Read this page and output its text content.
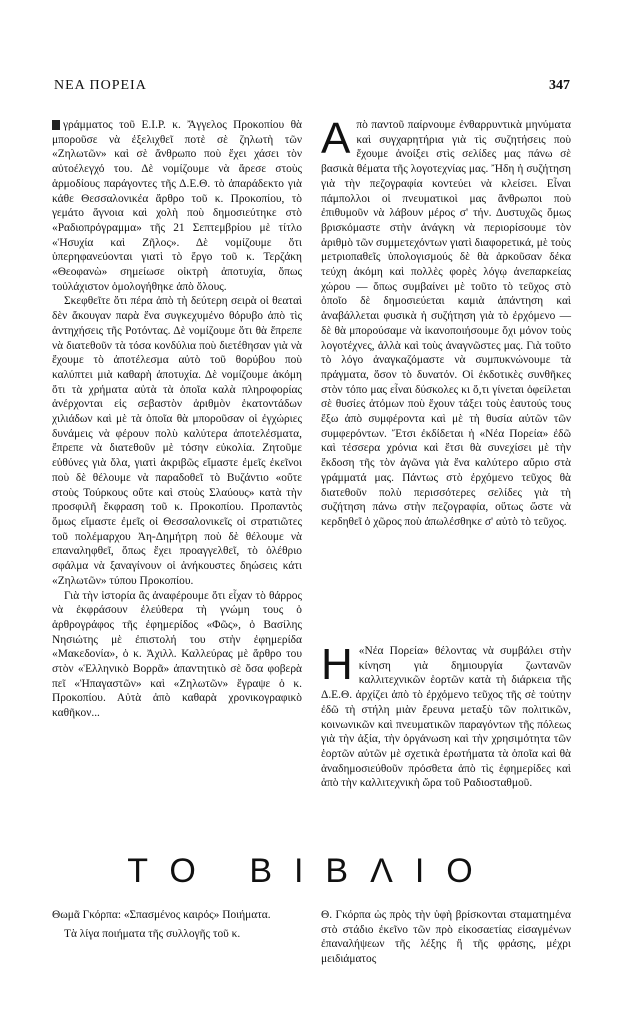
ΝΕΑ ΠΟΡΕΙΑ	347

γράμματος τοῦ Ε.Ι.Ρ. κ. Ἄγγελος Προκοπίου θὰ μποροῦσε νὰ ἐξελιχθεῖ ποτὲ σὲ ζηλωτὴ τῶν «Ζηλωτῶν» καὶ σὲ ἄνθρωπο ποὺ ἔχει χάσει τὸν αὐτοέλεγχό του. Δὲ νομίζουμε νὰ ἄρεσε στοὺς ἁρμοδίους παράγοντες τῆς Δ.Ε.Θ. τὸ ἀπαράδεκτο γιὰ κάθε Θεσσαλονικέα ἄρθρο τοῦ κ. Προκοπίου, τὸ γεμάτο ἄγνοια καὶ χολὴ ποὺ δημοσιεύτηκε στὸ «Ραδιοπρόγραμμα» τῆς 21 Σεπτεμβρίου μὲ τίτλο «Ἡσυχία καὶ Ζῆλος». Δὲ νομίζουμε ὅτι ὑπερηφανεύονται γιατὶ τὸ ἔργο τοῦ κ. Τερζάκη «Θεοφανὼ» σημείωσε οἰκτρὴ ἀποτυχία, ὅπως τοὐλάχιστον ὁμολογήθηκε ἀπὸ ὅλους.

Σκεφθεῖτε ὅτι πέρα ἀπὸ τὴ δεύτερη σειρὰ οἱ θεαταὶ δὲν ἄκουγαν παρὰ ἕνα συγκεχυμένο θόρυβο ἀπὸ τὶς ἀντηχήσεις τῆς Ροτόντας. Δὲ νομίζουμε ὅτι θὰ ἔπρεπε νὰ διατεθοῦν τὰ τόσα κονδύλια ποὺ διετέθησαν γιὰ νὰ ἔχουμε τὸ ἀποτέλεσμα αὐτὸ τοῦ θορύβου ποὺ καλύπτει μιὰ καθαρὴ ἀποτυχία. Δὲ νομίζουμε ἀκόμη ὅτι τὰ χρήματα αὐτὰ τὰ ὁποῖα καλὰ πληροφορίας ἀνέρχονται εἰς σεβαστὸν ἀριθμὸν ἑκατοντάδων χιλιάδων καὶ μὲ τὰ ὁποῖα θὰ μποροῦσαν οἱ ἐγχώριες δυνάμεις νὰ φέρουν πολὺ καλύτερα ἀποτελέσματα, ἔπρεπε νὰ διατεθοῦν μὲ τόσην εὐκολία. Ζητοῦμε εὐθύνες γιὰ ὅλα, γιατὶ ἀκριβῶς εἴμαστε ἐμεῖς ἐκεῖνοι ποὺ δὲ θέλουμε νὰ παραδοθεῖ τὸ Βυζάντιο «οὔτε στοὺς Τούρκους οὔτε καὶ στοὺς Σλαύους» κατὰ τὴν προσφιλῆ ἔκφραση τοῦ κ. Προκοπίου. Προπαντὸς ὅμως εἴμαστε ἐμεῖς οἱ Θεσσαλονικεῖς οἱ στρατιῶτες τοῦ πολέμαρχου Ἀη-Δημήτρη ποὺ δὲ θέλουμε νὰ επαναληφθεῖ, ὅπως ἔχει προαγγελθεῖ, τὸ ὀλέθριο σφάλμα νὰ ξαναγίνουν οἱ ἀνήκουστες δηώσεις κάτι «Ζηλωτῶν» τύπου Προκοπίου.

Γιὰ τὴν ἱστορία ἂς ἀναφέρουμε ὅτι εἶχαν τὸ θάρρος νὰ ἐκφράσουν ἐλεύθερα τὴ γνώμη τους ὁ ἀρθρογράφος τῆς ἐφημερίδος «Φῶς», ὁ Βασίλης Νησιώτης μὲ ἐπιστολή του στὴν ἐφημερίδα «Μακεδονία», ὁ κ. Ἀχιλλ. Καλλεύρας μὲ ἄρθρο του στὸν «Ἑλληνικὸ Βορρᾶ» ἀπαντητικὸ σὲ ὅσα φοβερὰ πεῖ «Ἡπαγαστῶν» καὶ «Ζηλωτῶν» ἔγραψε ὁ κ. Προκοπίου. Αὐτὰ ἀπὸ καθαρὰ χρονικογραφικὸ καθῆκον...

Απὸ παντοῦ παίρνουμε ἐνθαρρυντικὰ μηνύματα καὶ συγχαρητήρια γιὰ τὶς συζητήσεις ποὺ ἔχουμε ἀνοίξει στὶς σελίδες μας πάνω σὲ βασικὰ θέματα τῆς λογοτεχνίας μας. Ἤδη ἡ συζήτηση γιὰ τὴν πεζογραφία κοντεύει νὰ κλείσει. Εἶναι πάμπολλοι οἱ πνευματικοὶ μας ἄνθρωποι ποὺ ἐπιθυμοῦν νὰ λάβουν μέρος σ' τήν. Δυστυχῶς ὅμως βρισκόμαστε στὴν ἀνάγκη νὰ περιορίσουμε τὸν ἀριθμὸ τῶν συμμετεχόντων γιατὶ διαφορετικά, μὲ τοὺς μετριοπαθεῖς ὑπολογισμούς δὲ θὰ ἀρκοῦσαν δέκα τεύχη ἀκόμη καὶ πολλὲς φορὲς λόγῳ ἀνεπαρκείας χώρου — ὅπως συμβαίνει μὲ τοῦτο τὸ τεῦχος στὸ ὁποῖο δὲ δημοσιεύεται καμιὰ ἀπάντηση καὶ ἀναβάλλεται φυσικὰ ἡ συζήτηση γιὰ τὸ ἐρχόμενο — δὲ θὰ μπορούσαμε νὰ ἱκανοποιήσουμε ὄχι μόνον τοὺς λογοτέχνες, ἀλλὰ καὶ τοὺς ἀναγνῶστες μας. Γιὰ τοῦτο τὸ λόγο ἀναγκαζόμαστε νὰ συμπυκνώνουμε τὰ πράγματα, ὅσον τὸ δυνατόν. Οἱ ἐκδοτικὲς συνθῆκες στὸν τόπο μας εἶναι δύσκολες κι ὅ,τι γίνεται ὀφείλεται σὲ θυσίες ἀτόμων ποὺ ἔχουν τάξει τοὺς ἑαυτούς τους ἔξω ἀπὸ συμφέροντα καὶ μὲ τὴ θυσία αὐτῶν τῶν συμφερόντων. Ἔτσι ἐκδίδεται ἡ «Νέα Πορεία» ἐδῶ καὶ τέσσερα χρόνια καὶ ἔτσι θὰ συνεχίσει μὲ τὴν ἔκδοση τῆς τὸν ἀγῶνα γιὰ ἕνα καλύτερο αὔριο στὰ γράμματά μας. Πάντως στὸ ἐρχόμενο τεῦχος θὰ διατεθοῦν πολὺ περισσότερες σελίδες γιὰ τὴ συζήτηση πάνω στὴν πεζογραφία, οὕτως ὥστε νὰ κερδηθεῖ ὁ χῶρος ποὺ ἀπωλέσθηκε σ' αὐτὸ τὸ τεῦχος.

Η «Νέα Πορεία» θέλοντας νὰ συμβάλει στὴν κίνηση γιὰ δημιουργία ζωντανῶν καλλιτεχνικῶν ἑορτῶν κατὰ τὴ διάρκεια τῆς Δ.Ε.Θ. ἀρχίζει ἀπὸ τὸ ἐρχόμενο τεῦχος τῆς σὲ τούτην ἐδῶ τὴ στήλη μιὰν ἔρευνα μεταξὺ τῶν πολιτικῶν, κοινωνικῶν καὶ πνευματικῶν παραγόντων τῆς πόλεως γιὰ τὴν ἀξία, τὴν ὀργάνωση καὶ τὴν χρησιμότητα τῶν ἑορτῶν αὐτῶν μὲ σχετικὰ ἐρωτήματα τὰ ὁποῖα καὶ θὰ ἀναδημοσιεύθοῦν πρόσθετα ἀπὸ τὶς ἐφημερίδες καὶ ἀπὸ τὴν καλλιτεχνικὴ ὥρα τοῦ Ραδιοσταθμοῦ.

ΤΟ ΒΙΒΛΙΟ

Θωμᾶ Γκόρπα: «Σπασμένος καιρός» Ποιήματα.

Τὰ λίγα ποιήματα τῆς συλλογῆς τοῦ κ.

Θ. Γκόρπα ὡς πρὸς τὴν ὑφὴ βρίσκονται σταματημένα στὸ στάδιο ἐκεῖνο τῶν πρὸ εἰκοσαετίας εἰσαγμένων ἐπαναλήψεων τῆς λέξης ἢ τῆς φράσης, μέχρι μειδιάματος
